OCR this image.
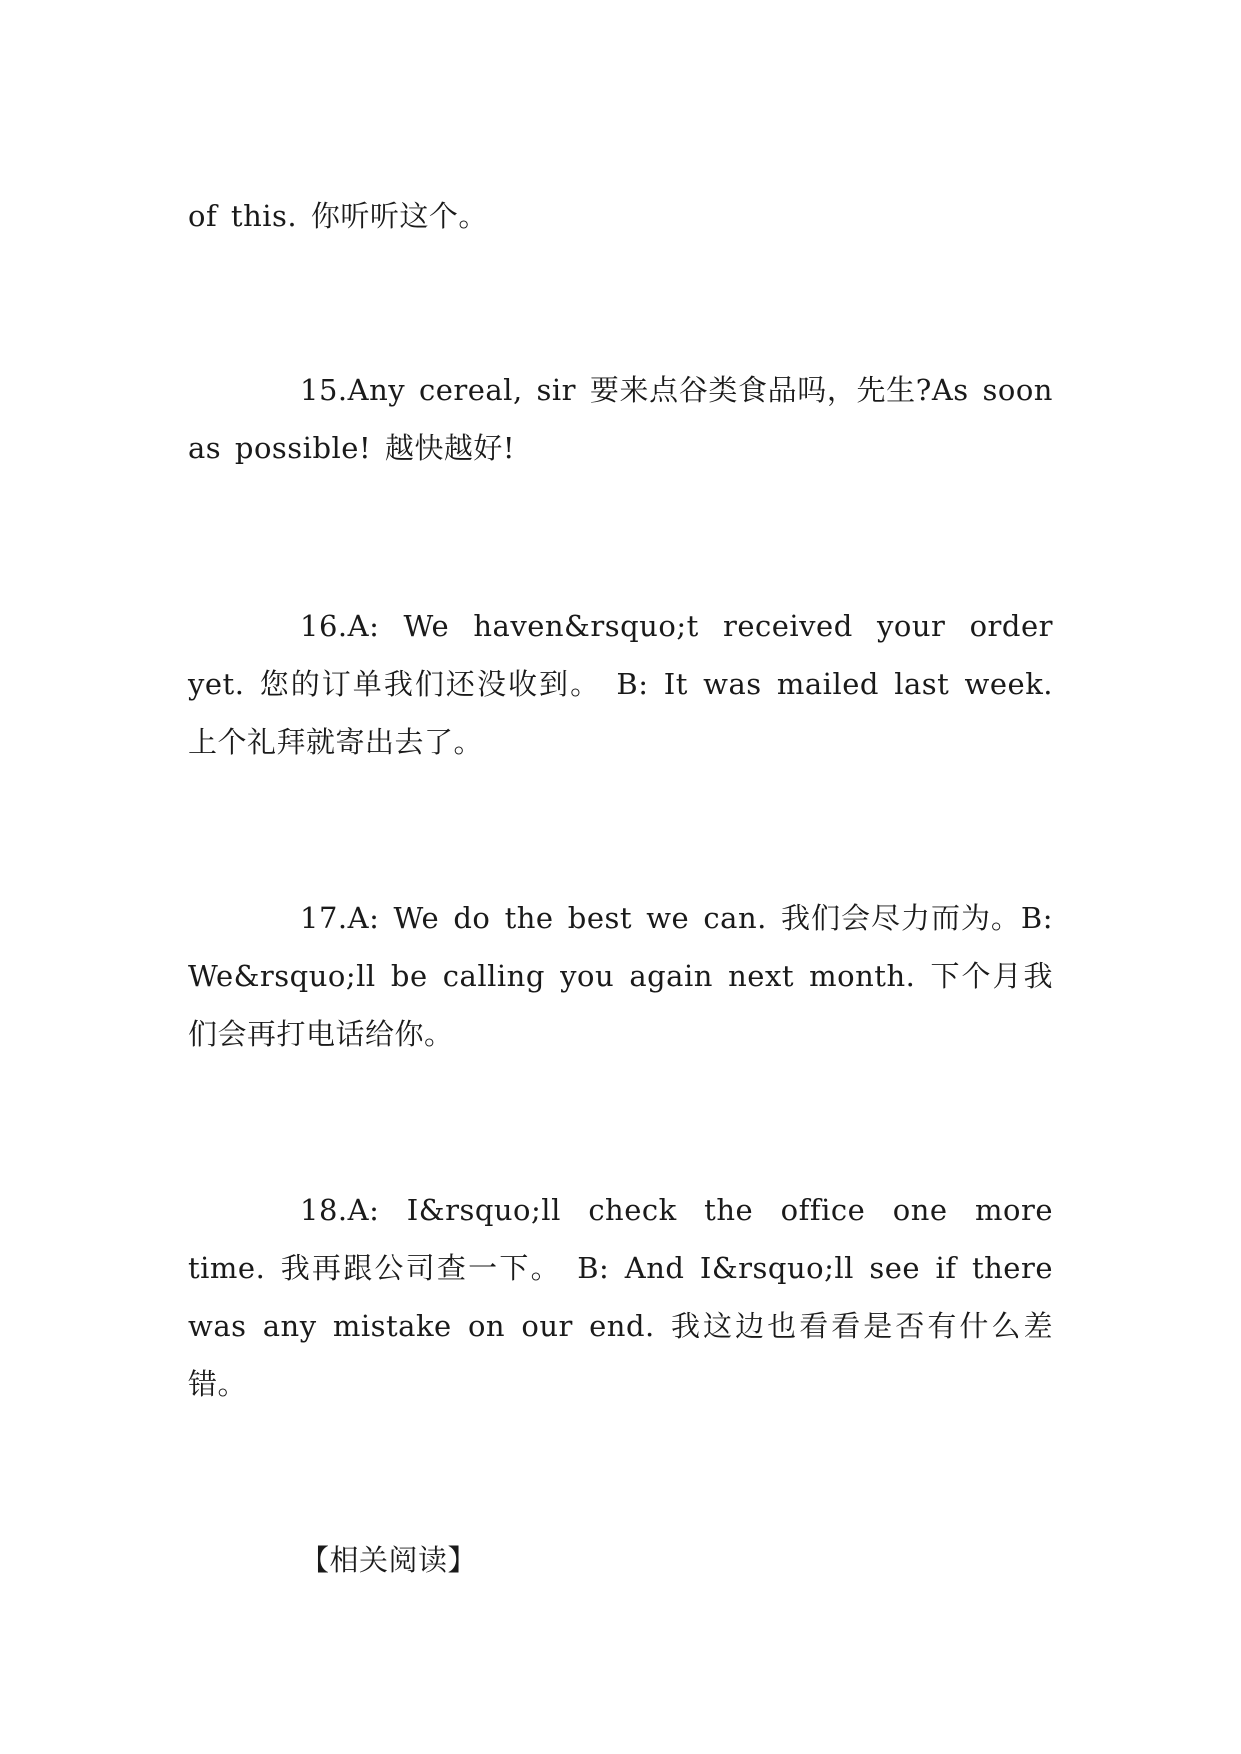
of this. 你听听这个。

15.Any cereal, sir 要来点谷类食品吗，先生?As soon as possible! 越快越好!

16.A: We haven&rsquo;t received your order yet. 您的订单我们还没收到。 B: It was mailed last week. 上个礼拜就寄出去了。

17.A: We do the best we can. 我们会尽力而为。B: We&rsquo;ll be calling you again next month. 下个月我们会再打电话给你。

18.A: I&rsquo;ll check the office one more time. 我再跟公司查一下。 B: And I&rsquo;ll see if there was any mistake on our end. 我这边也看看是否有什么差错。

【相关阅读】
